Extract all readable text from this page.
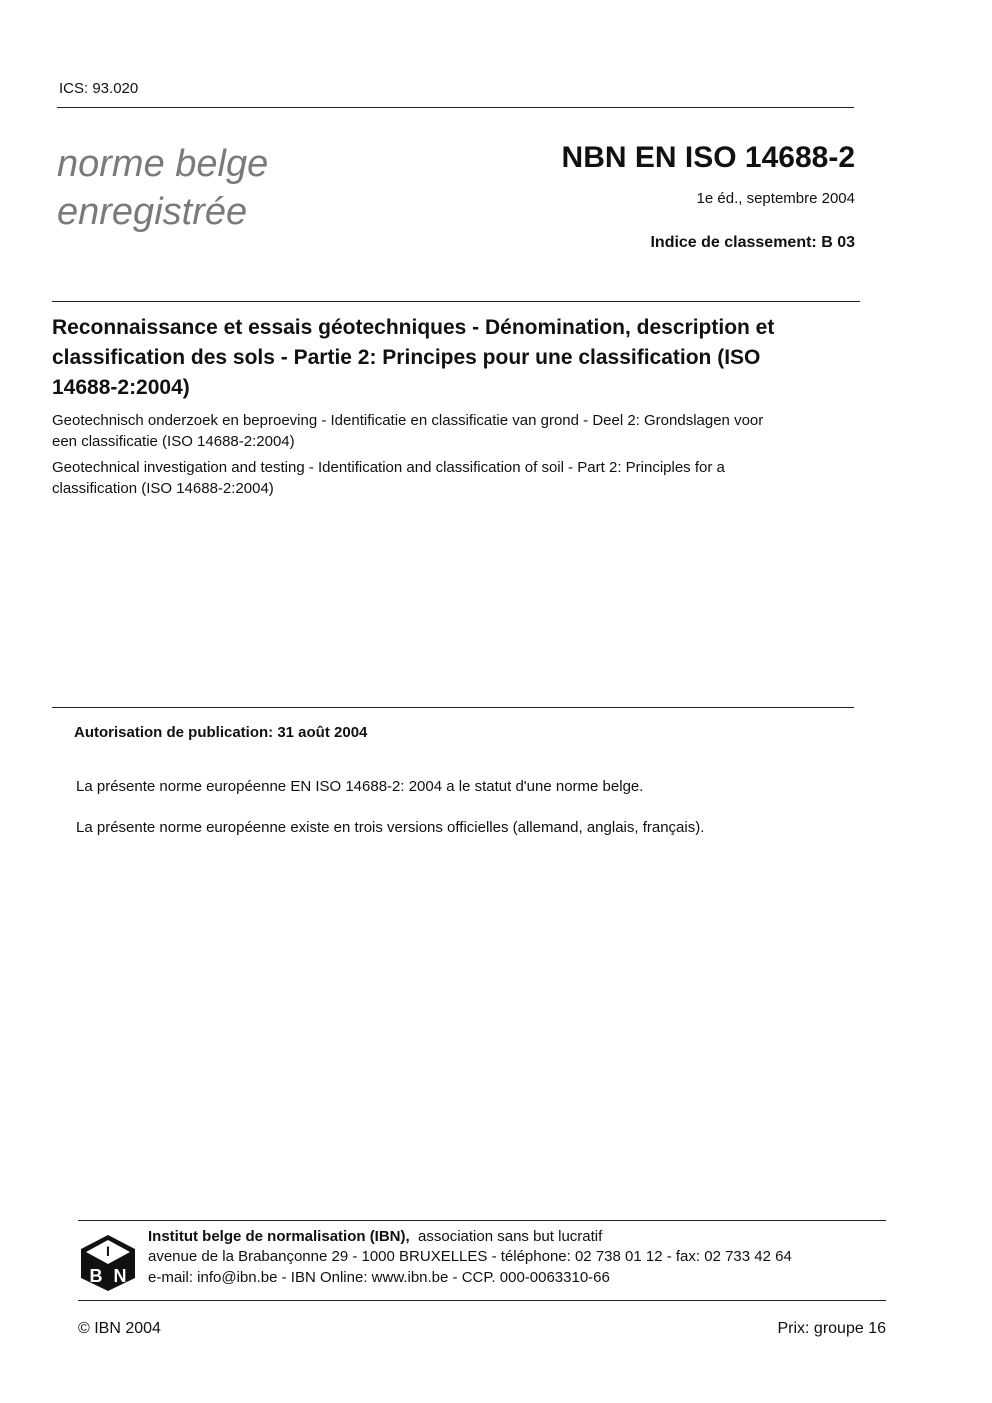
ICS: 93.020
norme belge
enregistrée
NBN EN ISO 14688-2
1e éd., septembre 2004
Indice de classement: B 03
Reconnaissance et essais géotechniques - Dénomination, description et
classification des sols - Partie 2: Principes pour une classification (ISO
14688-2:2004)
Geotechnisch onderzoek en beproeving - Identificatie en classificatie van grond - Deel 2: Grondslagen voor
een classificatie (ISO 14688-2:2004)
Geotechnical investigation and testing - Identification and classification of soil - Part 2: Principles for a
classification (ISO 14688-2:2004)
Autorisation de publication: 31 août 2004
La présente norme européenne EN ISO 14688-2: 2004 a le statut d'une norme belge.
La présente norme européenne existe en trois versions officielles (allemand, anglais, français).
I
B N
Institut belge de normalisation (IBN), association sans but lucratif
avenue de la Brabançonne 29 - 1000 BRUXELLES - téléphone: 02 738 01 12 - fax: 02 733 42 64
e-mail: info@ibn.be - IBN Online: www.ibn.be - CCP. 000-0063310-66
© IBN 2004	Prix: groupe 16
